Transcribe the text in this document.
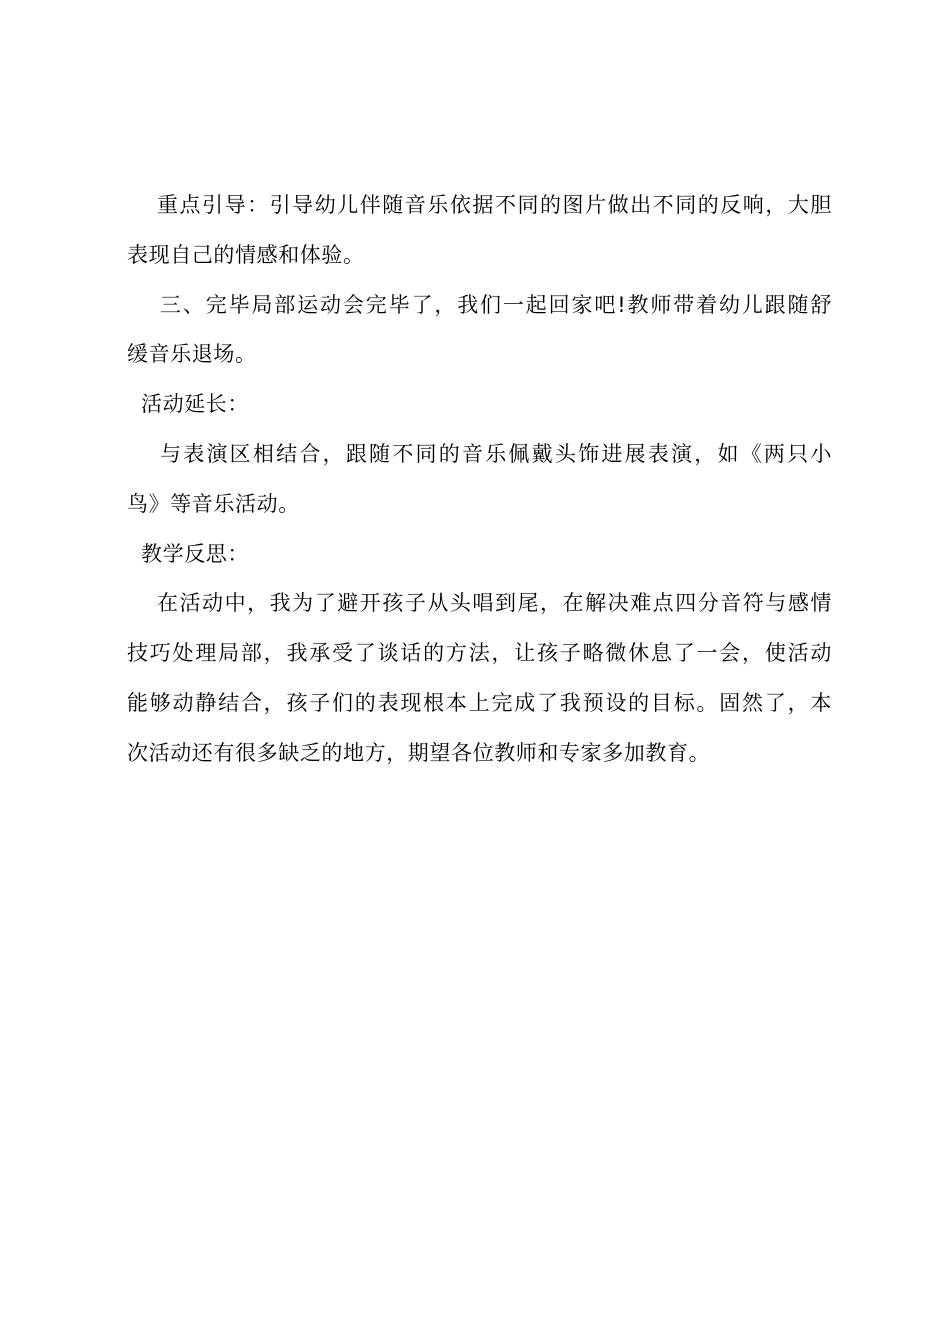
重点引导：引导幼儿伴随音乐依据不同的图片做出不同的反响，大胆
表现自己的情感和体验。
三、完毕局部运动会完毕了，我们一起回家吧!教师带着幼儿跟随舒
缓音乐退场。
活动延长：
与表演区相结合，跟随不同的音乐佩戴头饰进展表演，如《两只小
鸟》等音乐活动。
教学反思：
在活动中，我为了避开孩子从头唱到尾，在解决难点四分音符与感情
技巧处理局部，我承受了谈话的方法，让孩子略微休息了一会，使活动
能够动静结合，孩子们的表现根本上完成了我预设的目标。固然了，本
次活动还有很多缺乏的地方，期望各位教师和专家多加教育。
